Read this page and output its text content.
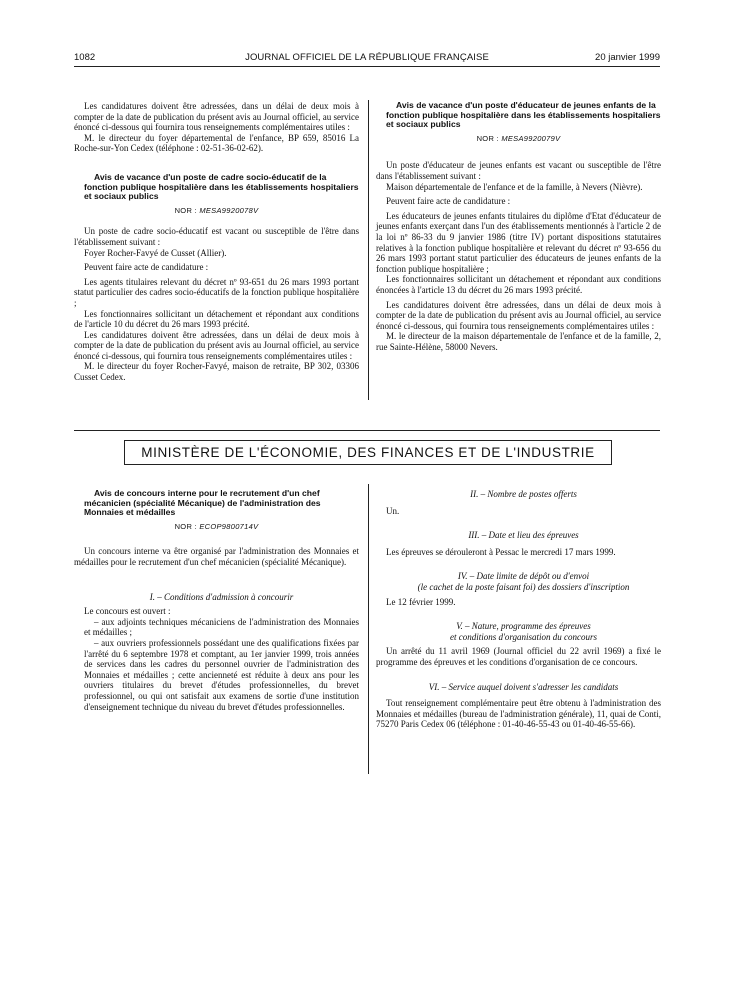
1082	JOURNAL OFFICIEL DE LA RÉPUBLIQUE FRANÇAISE	20 janvier 1999

Les candidatures doivent être adressées, dans un délai de deux mois à compter de la date de publication du présent avis au Journal officiel, au service énoncé ci-dessous qui fournira tous renseignements complémentaires utiles :

M. le directeur du foyer départemental de l'enfance, BP 659, 85016 La Roche-sur-Yon Cedex (téléphone : 02-51-36-02-62).

Avis de vacance d'un poste de cadre socio-éducatif de la fonction publique hospitalière dans les établissements hospitaliers et sociaux publics

NOR : MESA9920078V

Un poste de cadre socio-éducatif est vacant ou susceptible de l'être dans l'établissement suivant :

Foyer Rocher-Favyé de Cusset (Allier).

Peuvent faire acte de candidature :

Les agents titulaires relevant du décret nº 93-651 du 26 mars 1993 portant statut particulier des cadres socio-éducatifs de la fonction publique hospitalière ;

Les fonctionnaires sollicitant un détachement et répondant aux conditions de l'article 10 du décret du 26 mars 1993 précité.

Les candidatures doivent être adressées, dans un délai de deux mois à compter de la date de publication du présent avis au Journal officiel, au service énoncé ci-dessous, qui fournira tous renseignements complémentaires utiles :

M. le directeur du foyer Rocher-Favyé, maison de retraite, BP 302, 03306 Cusset Cedex.

Avis de vacance d'un poste d'éducateur de jeunes enfants de la fonction publique hospitalière dans les établissements hospitaliers et sociaux publics

NOR : MESA9920079V

Un poste d'éducateur de jeunes enfants est vacant ou susceptible de l'être dans l'établissement suivant :

Maison départementale de l'enfance et de la famille, à Nevers (Nièvre).

Peuvent faire acte de candidature :

Les éducateurs de jeunes enfants titulaires du diplôme d'Etat d'éducateur de jeunes enfants exerçant dans l'un des établissements mentionnés à l'article 2 de la loi nº 86-33 du 9 janvier 1986 (titre IV) portant dispositions statutaires relatives à la fonction publique hospitalière et relevant du décret nº 93-656 du 26 mars 1993 portant statut particulier des éducateurs de jeunes enfants de la fonction publique hospitalière ;

Les fonctionnaires sollicitant un détachement et répondant aux conditions énoncées à l'article 13 du décret du 26 mars 1993 précité.

Les candidatures doivent être adressées, dans un délai de deux mois à compter de la date de publication du présent avis au Journal officiel, au service énoncé ci-dessous, qui fournira tous renseignements complémentaires utiles :

M. le directeur de la maison départementale de l'enfance et de la famille, 2, rue Sainte-Hélène, 58000 Nevers.

MINISTÈRE DE L'ÉCONOMIE, DES FINANCES ET DE L'INDUSTRIE

Avis de concours interne pour le recrutement d'un chef mécanicien (spécialité Mécanique) de l'administration des Monnaies et médailles

NOR : ECOP9800714V

Un concours interne va être organisé par l'administration des Monnaies et médailles pour le recrutement d'un chef mécanicien (spécialité Mécanique).

I. – Conditions d'admission à concourir

Le concours est ouvert :

– aux adjoints techniques mécaniciens de l'administration des Monnaies et médailles ;

– aux ouvriers professionnels possédant une des qualifications fixées par l'arrêté du 6 septembre 1978 et comptant, au 1er janvier 1999, trois années de services dans les cadres du personnel ouvrier de l'administration des Monnaies et médailles ; cette ancienneté est réduite à deux ans pour les ouvriers titulaires du brevet d'études professionnelles, du brevet professionnel, ou qui ont satisfait aux examens de sortie d'une institution d'enseignement technique du niveau du brevet d'études professionnelles.

II. – Nombre de postes offerts

Un.

III. – Date et lieu des épreuves

Les épreuves se dérouleront à Pessac le mercredi 17 mars 1999.

IV. – Date limite de dépôt ou d'envoi

(le cachet de la poste faisant foi) des dossiers d'inscription

Le 12 février 1999.

V. – Nature, programme des épreuves

et conditions d'organisation du concours

Un arrêté du 11 avril 1969 (Journal officiel du 22 avril 1969) a fixé le programme des épreuves et les conditions d'organisation de ce concours.

VI. – Service auquel doivent s'adresser les candidats

Tout renseignement complémentaire peut être obtenu à l'administration des Monnaies et médailles (bureau de l'administration générale), 11, quai de Conti, 75270 Paris Cedex 06 (téléphone : 01-40-46-55-43 ou 01-40-46-55-66).
